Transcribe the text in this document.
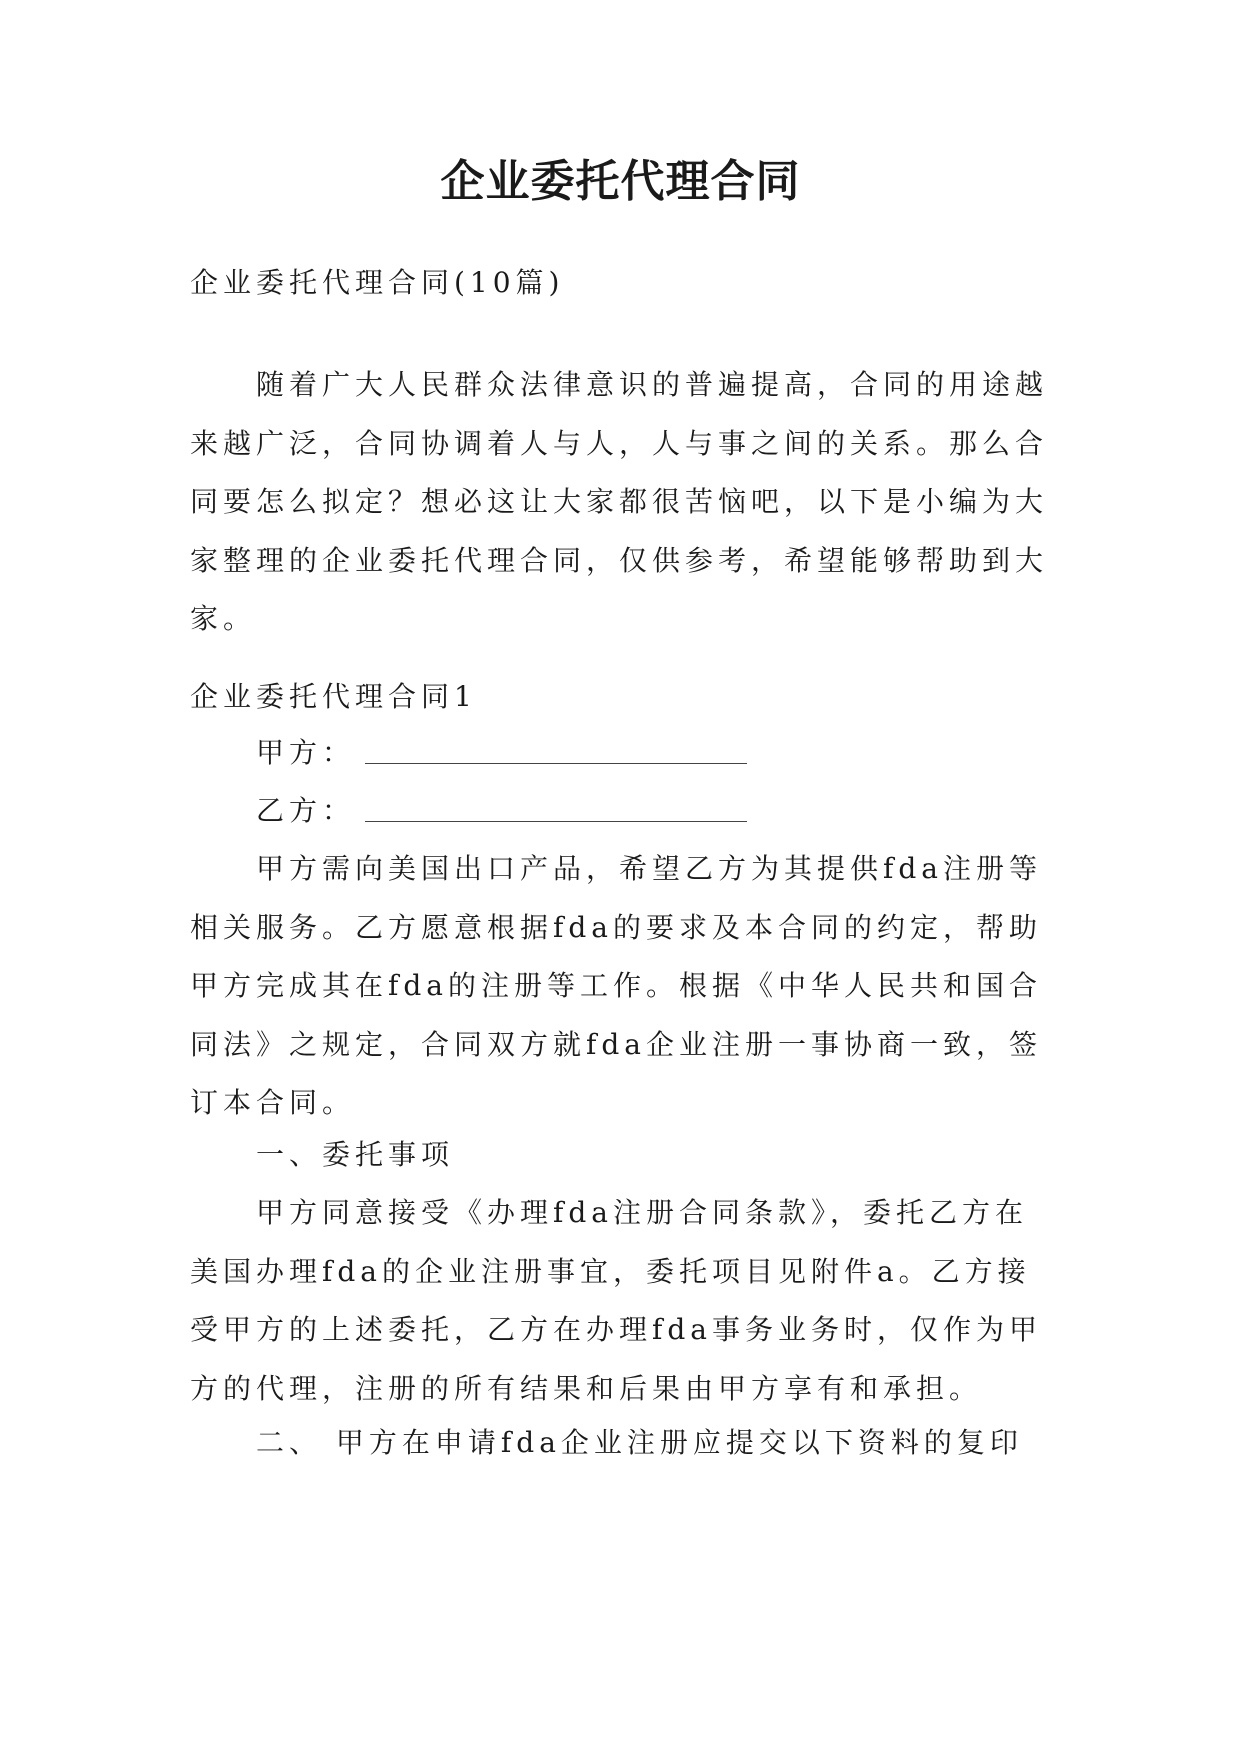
企业委托代理合同

企业委托代理合同(10篇)

随着广大人民群众法律意识的普遍提高，合同的用途越来越广泛，合同协调着人与人，人与事之间的关系。那么合同要怎么拟定？想必这让大家都很苦恼吧，以下是小编为大家整理的企业委托代理合同，仅供参考，希望能够帮助到大家。

企业委托代理合同1

甲方：
乙方：

甲方需向美国出口产品，希望乙方为其提供fda注册等相关服务。乙方愿意根据fda的要求及本合同的约定，帮助甲方完成其在fda的注册等工作。根据《中华人民共和国合同法》之规定，合同双方就fda企业注册一事协商一致，签订本合同。

一、委托事项

甲方同意接受《办理fda注册合同条款》，委托乙方在美国办理fda的企业注册事宜，委托项目见附件a。乙方接受甲方的上述委托，乙方在办理fda事务业务时，仅作为甲方的代理，注册的所有结果和后果由甲方享有和承担。

二、 甲方在申请fda企业注册应提交以下资料的复印
